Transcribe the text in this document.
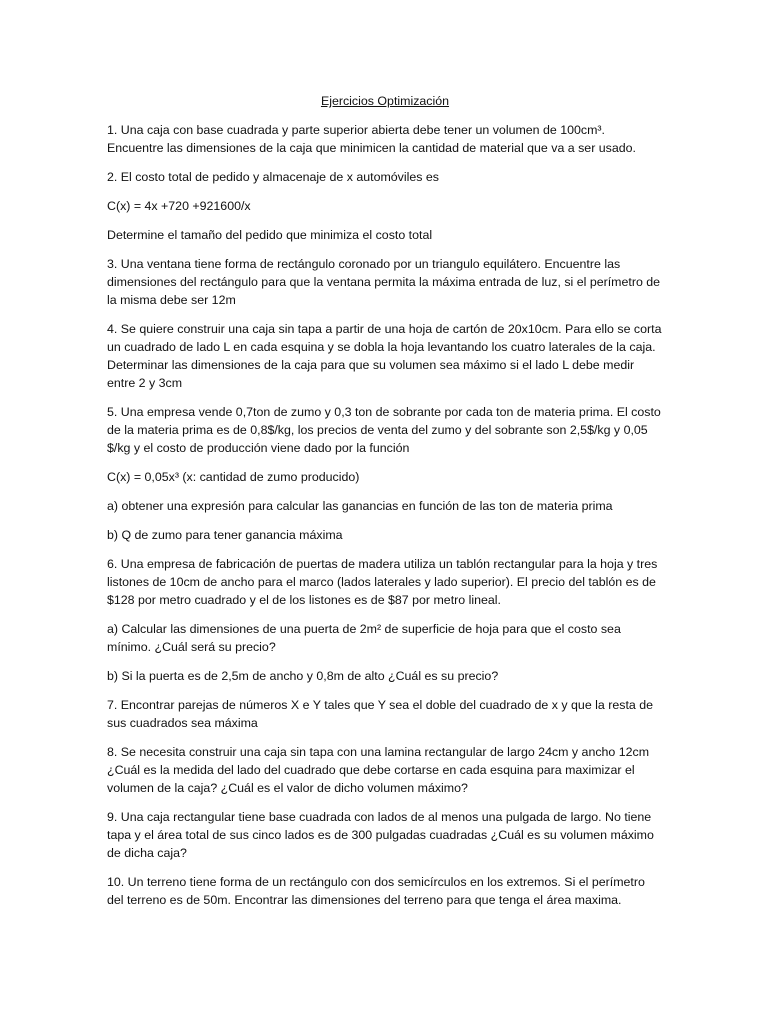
Ejercicios Optimización

1. Una caja con base cuadrada y parte superior abierta debe tener un volumen de 100cm³. Encuentre las dimensiones de la caja que minimicen la cantidad de material que va a ser usado.

2. El costo total de pedido y almacenaje de x automóviles es

C(x) = 4x +720 +921600/x

Determine el tamaño del pedido que minimiza el costo total

3. Una ventana tiene forma de rectángulo coronado por un triangulo equilátero. Encuentre las dimensiones del rectángulo para que la ventana permita la máxima entrada de luz, si el perímetro de la misma debe ser 12m

4. Se quiere construir una caja sin tapa a partir de una hoja de cartón de 20x10cm. Para ello se corta un cuadrado de lado L en cada esquina y se dobla la hoja levantando los cuatro laterales de la caja. Determinar las dimensiones de la caja para que su volumen sea máximo si el lado L debe medir entre 2 y 3cm

5. Una empresa vende 0,7ton de zumo y 0,3 ton de sobrante por cada ton de materia prima. El costo de la materia prima es de 0,8$/kg, los precios de venta del zumo y del sobrante son 2,5$/kg y 0,05 $/kg y el costo de producción viene dado por la función

C(x) = 0,05x³ (x: cantidad de zumo producido)

a) obtener una expresión para calcular las ganancias en función de las ton de materia prima

b) Q de zumo para tener ganancia máxima

6. Una empresa de fabricación de puertas de madera utiliza un tablón rectangular para la hoja y tres listones de 10cm de ancho para el marco (lados laterales y lado superior). El precio del tablón es de $128 por metro cuadrado y el de los listones es de $87 por metro lineal.

a) Calcular las dimensiones de una puerta de 2m² de superficie de hoja para que el costo sea mínimo. ¿Cuál será su precio?

b) Si la puerta es de 2,5m de ancho y 0,8m de alto ¿Cuál es su precio?

7. Encontrar parejas de números X e Y tales que Y sea el doble del cuadrado de x y que la resta de sus cuadrados sea máxima

8. Se necesita construir una caja sin tapa con una lamina rectangular de largo 24cm y ancho 12cm ¿Cuál es la medida del lado del cuadrado que debe cortarse en cada esquina para maximizar el volumen de la caja? ¿Cuál es el valor de dicho volumen máximo?

9. Una caja rectangular tiene base cuadrada con lados de al menos una pulgada de largo. No tiene tapa y el área total de sus cinco lados es de 300 pulgadas cuadradas ¿Cuál es su volumen máximo de dicha caja?

10. Un terreno tiene forma de un rectángulo con dos semicírculos en los extremos. Si el perímetro del terreno es de 50m. Encontrar las dimensiones del terreno para que tenga el área maxima.
